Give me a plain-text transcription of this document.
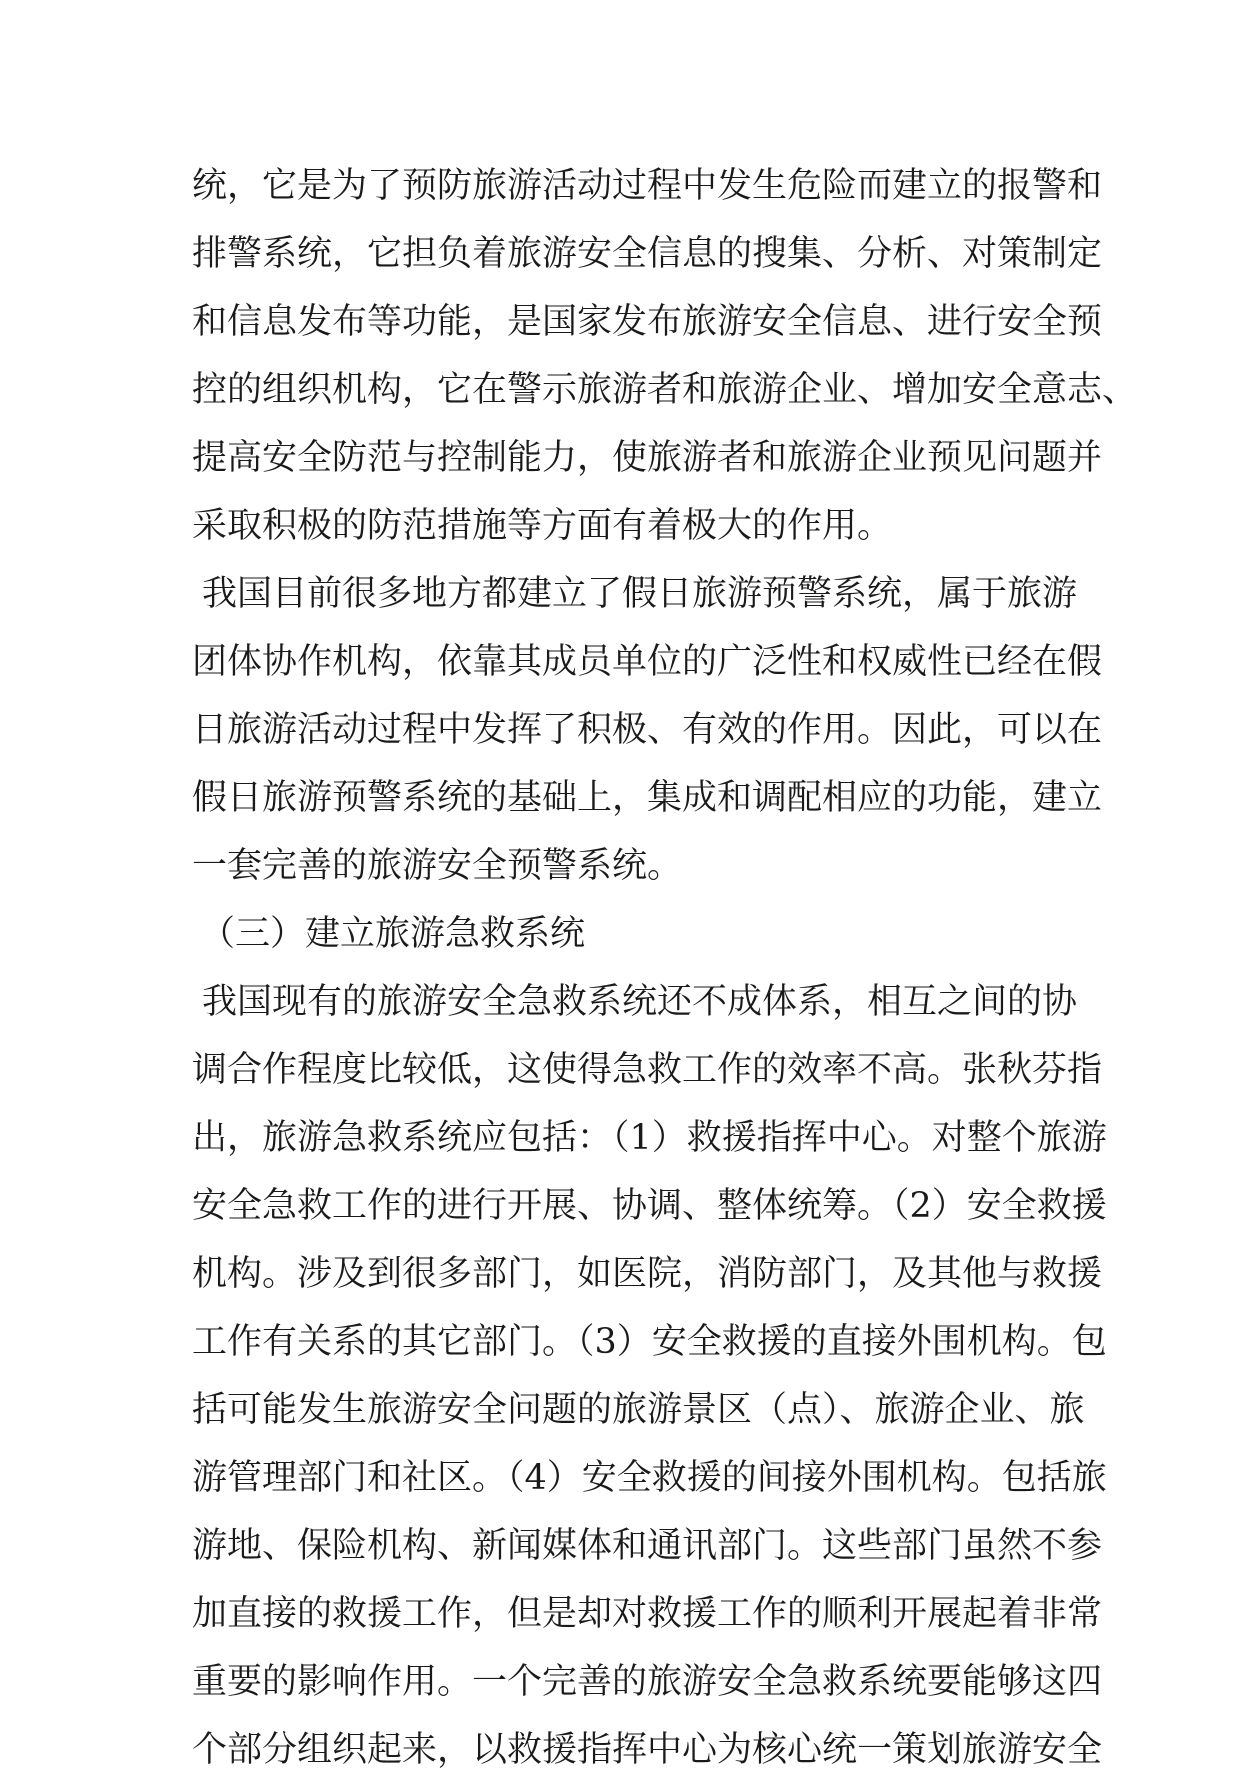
统，它是为了预防旅游活动过程中发生危险而建立的报警和
排警系统，它担负着旅游安全信息的搜集、分析、对策制定
和信息发布等功能，是国家发布旅游安全信息、进行安全预
控的组织机构，它在警示旅游者和旅游企业、增加安全意志、
提高安全防范与控制能力，使旅游者和旅游企业预见问题并
采取积极的防范措施等方面有着极大的作用。
我国目前很多地方都建立了假日旅游预警系统，属于旅游
团体协作机构，依靠其成员单位的广泛性和权威性已经在假
日旅游活动过程中发挥了积极、有效的作用。因此，可以在
假日旅游预警系统的基础上，集成和调配相应的功能，建立
一套完善的旅游安全预警系统。
（三）建立旅游急救系统
我国现有的旅游安全急救系统还不成体系，相互之间的协
调合作程度比较低，这使得急救工作的效率不高。张秋芬指
出，旅游急救系统应包括：（1）救援指挥中心。对整个旅游
安全急救工作的进行开展、协调、整体统筹。（2）安全救援
机构。涉及到很多部门，如医院，消防部门，及其他与救援
工作有关系的其它部门。（3）安全救援的直接外围机构。包
括可能发生旅游安全问题的旅游景区（点）、旅游企业、旅
游管理部门和社区。（4）安全救援的间接外围机构。包括旅
游地、保险机构、新闻媒体和通讯部门。这些部门虽然不参
加直接的救援工作，但是却对救援工作的顺利开展起着非常
重要的影响作用。一个完善的旅游安全急救系统要能够这四
个部分组织起来，以救援指挥中心为核心统一策划旅游安全
